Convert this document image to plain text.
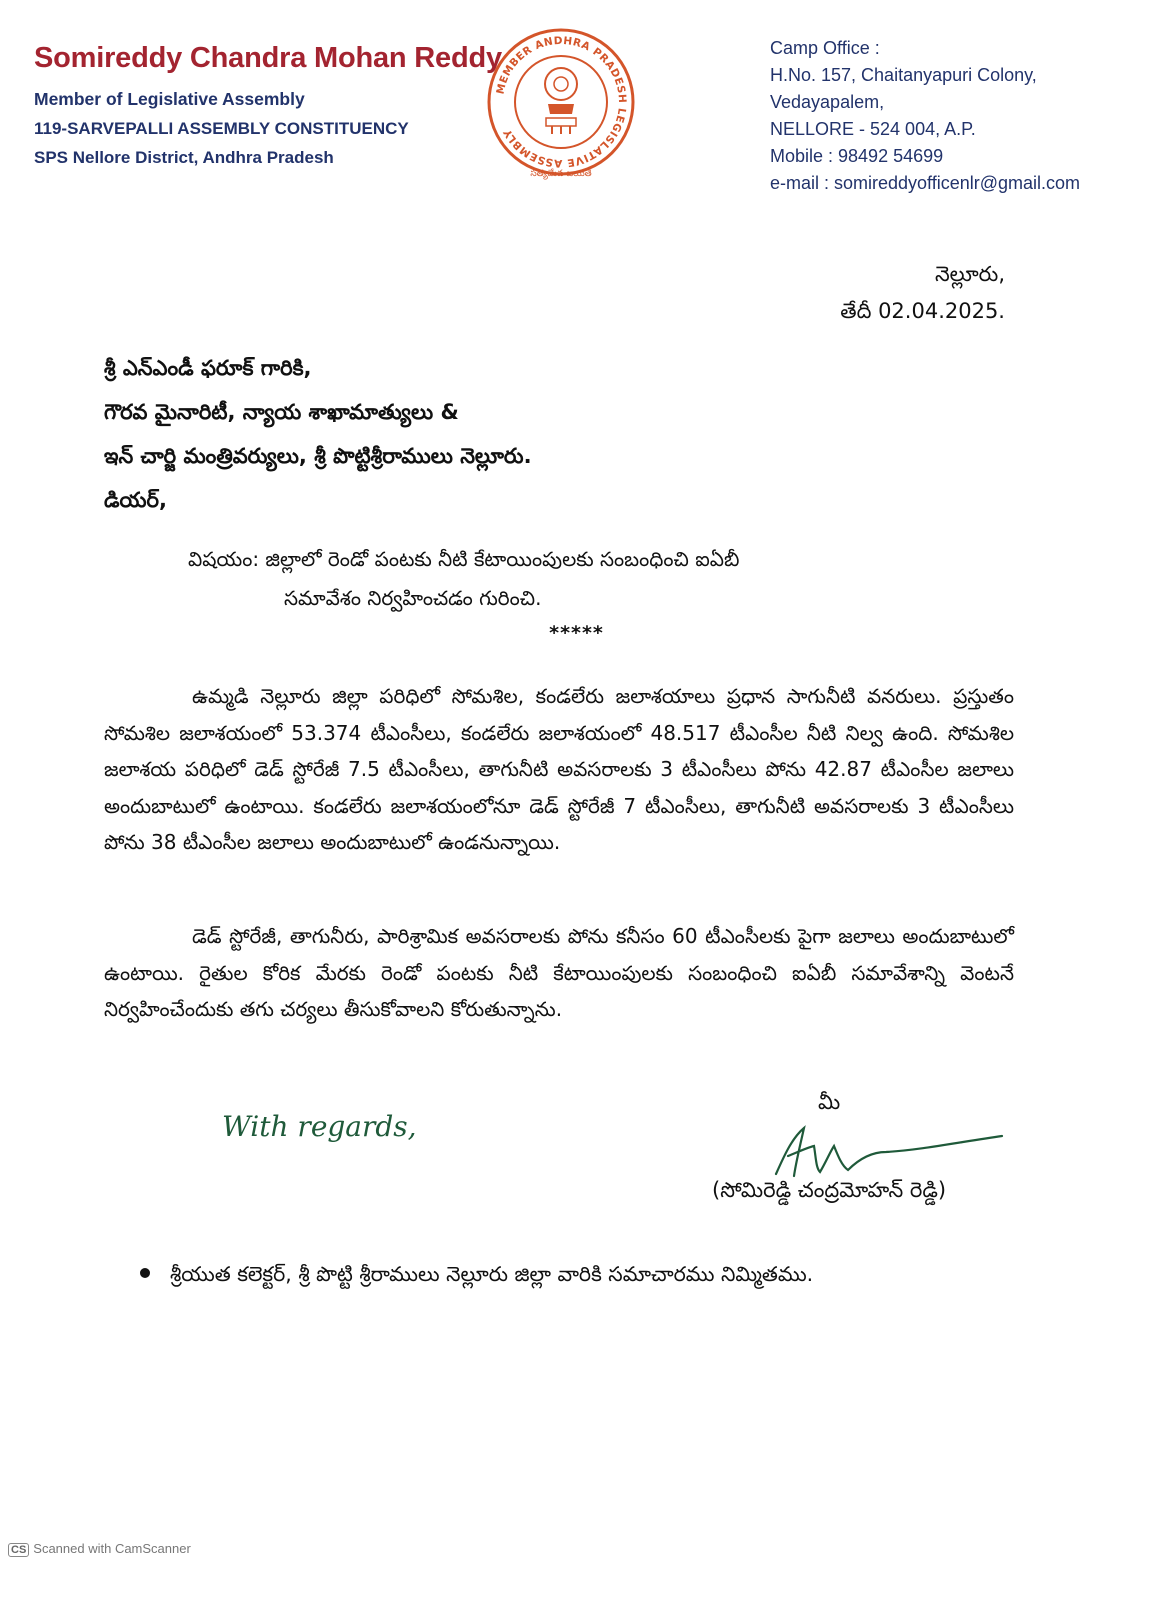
Somireddy Chandra Mohan Reddy

Member of Legislative Assembly

119-SARVEPALLI ASSEMBLY CONSTITUENCY

SPS Nellore District, Andhra Pradesh

MEMBER ANDHRA PRADESH LEGISLATIVE ASSEMBLY
సత్యమేవ జయతే

Camp Office :

H.No. 157, Chaitanyapuri Colony,

Vedayapalem,

NELLORE - 524 004, A.P.

Mobile : 98492 54699

e-mail : somireddyofficenlr@gmail.com

నెల్లూరు,

తేదీ 02.04.2025.

శ్రీ ఎన్ఎండీ ఫరూక్ గారికి,

గౌరవ మైనారిటీ, న్యాయ శాఖామాత్యులు &

ఇన్ చార్జి మంత్రివర్యులు, శ్రీ పొట్టిశ్రీరాములు నెల్లూరు.

డియర్,

విషయం: జిల్లాలో రెండో పంటకు నీటి కేటాయింపులకు సంబంధించి ఐఏబీ

సమావేశం నిర్వహించడం గురించి.

*****

ఉమ్మడి నెల్లూరు జిల్లా పరిధిలో సోమశిల, కండలేరు జలాశయాలు ప్రధాన సాగునీటి వనరులు. ప్రస్తుతం సోమశిల జలాశయంలో 53.374 టీఎంసీలు, కండలేరు జలాశయంలో 48.517 టీఎంసీల నీటి నిల్వ ఉంది. సోమశిల జలాశయ పరిధిలో డెడ్ స్టోరేజీ 7.5 టీఎంసీలు, తాగునీటి అవసరాలకు 3 టీఎంసీలు పోను 42.87 టీఎంసీల జలాలు అందుబాటులో ఉంటాయి. కండలేరు జలాశయంలోనూ డెడ్ స్టోరేజీ 7 టీఎంసీలు, తాగునీటి అవసరాలకు 3 టీఎంసీలు పోను 38 టీఎంసీల జలాలు అందుబాటులో ఉండనున్నాయి.

డెడ్ స్టోరేజీ, తాగునీరు, పారిశ్రామిక అవసరాలకు పోను కనీసం 60 టీఎంసీలకు పైగా జలాలు అందుబాటులో ఉంటాయి. రైతుల కోరిక మేరకు రెండో పంటకు నీటి కేటాయింపులకు సంబంధించి ఐఏబీ సమావేశాన్ని వెంటనే నిర్వహించేందుకు తగు చర్యలు తీసుకోవాలని కోరుతున్నాను.

With regards,
మీ
(సోమిరెడ్డి చంద్రమోహన్ రెడ్డి)
శ్రీయుత కలెక్టర్, శ్రీ పొట్టి శ్రీరాములు నెల్లూరు జిల్లా వారికి సమాచారము నిమ్మితము.
CS Scanned with CamScanner
